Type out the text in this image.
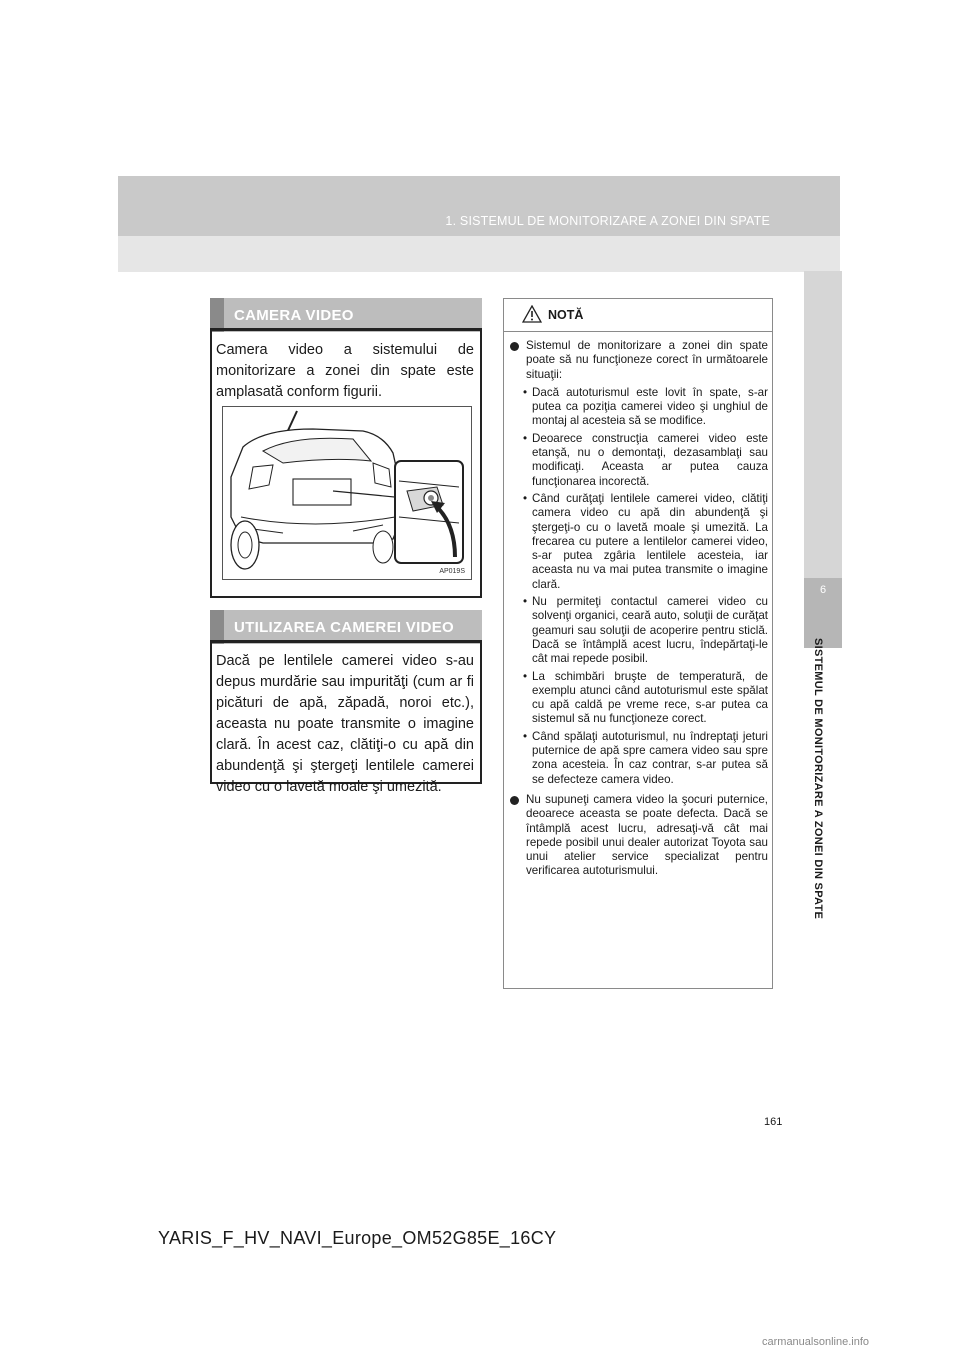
1. SISTEMUL DE MONITORIZARE A ZONEI DIN SPATE
6
SISTEMUL DE MONITORIZARE A ZONEI DIN SPATE
CAMERA VIDEO
Camera video a sistemului de monitorizare a zonei din spate este amplasată conform figurii.
AP019S
UTILIZAREA CAMEREI VIDEO
Dacă pe lentilele camerei video s-au depus murdărie sau impurităţi (cum ar fi picături de apă, zăpadă, noroi etc.), aceasta nu poate transmite o imagine clară. În acest caz, clătiţi-o cu apă din abundenţă şi ştergeţi lentilele camerei video cu o lavetă moale şi umezită.
NOTĂ
Sistemul de monitorizare a zonei din spate poate să nu funcţioneze corect în următoarele situaţii:
• Dacă autoturismul este lovit în spate, s-ar putea ca poziţia camerei video şi unghiul de montaj al acesteia să se modifice.
• Deoarece construcţia camerei video este etanşă, nu o demontaţi, dezasamblaţi sau modificaţi. Aceasta ar putea cauza funcţionarea incorectă.
• Când curăţaţi lentilele camerei video, clătiţi camera video cu apă din abundenţă şi ştergeţi-o cu o lavetă moale şi umezită. La frecarea cu putere a lentilelor camerei video, s-ar putea zgâria lentilele acesteia, iar aceasta nu va mai putea transmite o imagine clară.
• Nu permiteţi contactul camerei video cu solvenţi organici, ceară auto, soluţii de curăţat geamuri sau soluţii de acoperire pentru sticlă. Dacă se întâmplă acest lucru, îndepărtaţi-le cât mai repede posibil.
• La schimbări bruşte de temperatură, de exemplu atunci când autoturismul este spălat cu apă caldă pe vreme rece, s-ar putea ca sistemul să nu funcţioneze corect.
• Când spălaţi autoturismul, nu îndreptaţi jeturi puternice de apă spre camera video sau spre zona acesteia. În caz contrar, s-ar putea să se defecteze camera video.
Nu supuneţi camera video la şocuri puternice, deoarece aceasta se poate defecta. Dacă se întâmplă acest lucru, adresaţi-vă cât mai repede posibil unui dealer autorizat Toyota sau unui atelier service specializat pentru verificarea autoturismului.
161
YARIS_F_HV_NAVI_Europe_OM52G85E_16CY
carmanualsonline.info
